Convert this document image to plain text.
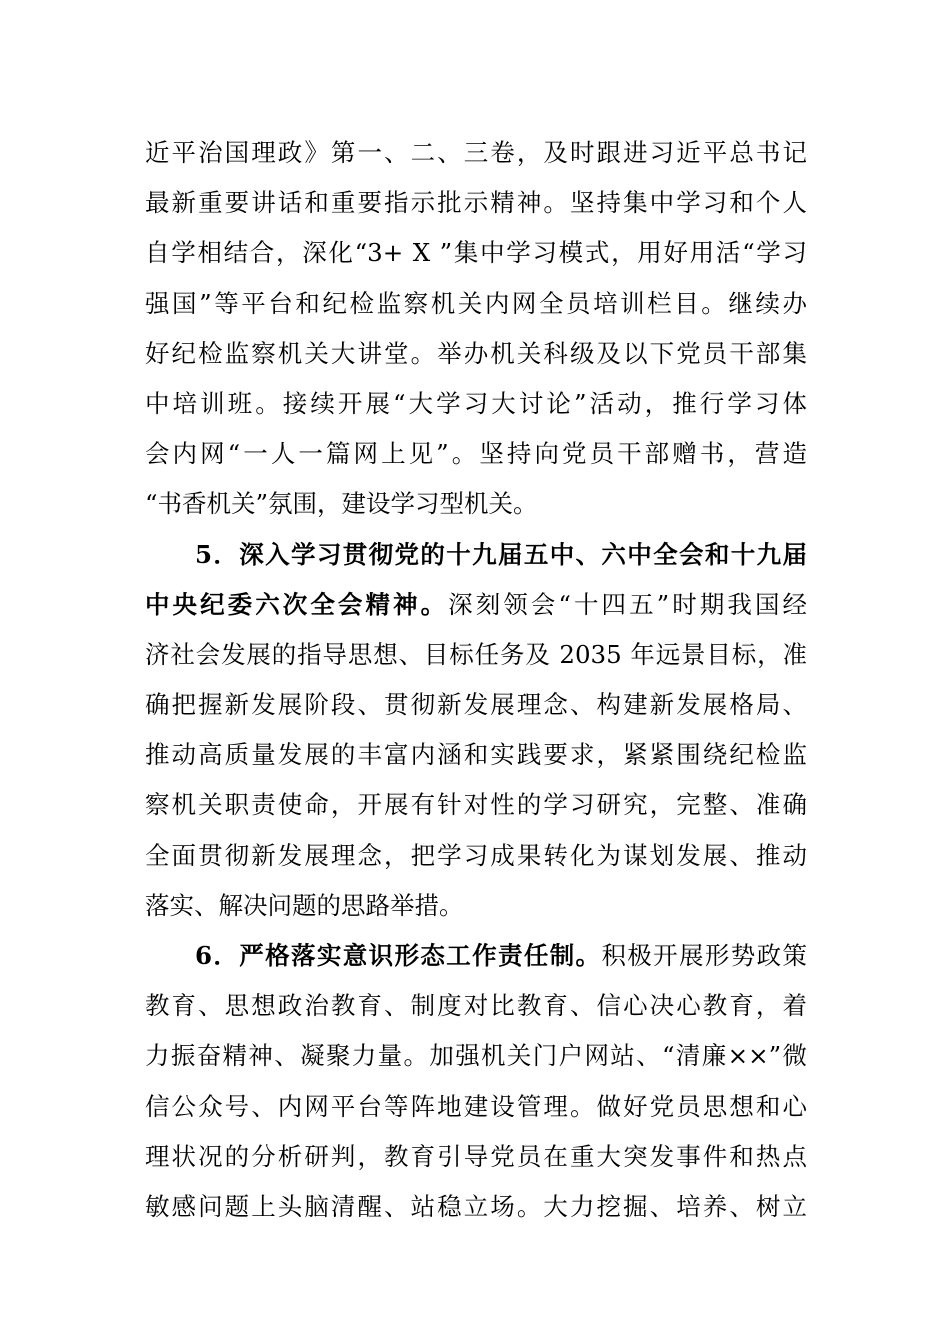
近平治国理政》第一、二、三卷，及时跟进习近平总书记
最新重要讲话和重要指示批示精神。坚持集中学习和个人
自学相结合，深化“3+ X ”集中学习模式，用好用活“学习
强国”等平台和纪检监察机关内网全员培训栏目。继续办
好纪检监察机关大讲堂。举办机关科级及以下党员干部集
中培训班。接续开展“大学习大讨论”活动，推行学习体
会内网“一人一篇网上见”。坚持向党员干部赠书，营造
“书香机关”氛围，建设学习型机关。
5．深入学习贯彻党的十九届五中、六中全会和十九届
中央纪委六次全会精神。深刻领会“十四五”时期我国经
济社会发展的指导思想、目标任务及 2035 年远景目标，准
确把握新发展阶段、贯彻新发展理念、构建新发展格局、
推动高质量发展的丰富内涵和实践要求，紧紧围绕纪检监
察机关职责使命，开展有针对性的学习研究，完整、准确
全面贯彻新发展理念，把学习成果转化为谋划发展、推动
落实、解决问题的思路举措。
6．严格落实意识形态工作责任制。积极开展形势政策
教育、思想政治教育、制度对比教育、信心决心教育，着
力振奋精神、凝聚力量。加强机关门户网站、“清廉××”微
信公众号、内网平台等阵地建设管理。做好党员思想和心
理状况的分析研判，教育引导党员在重大突发事件和热点
敏感问题上头脑清醒、站稳立场。大力挖掘、培养、树立
